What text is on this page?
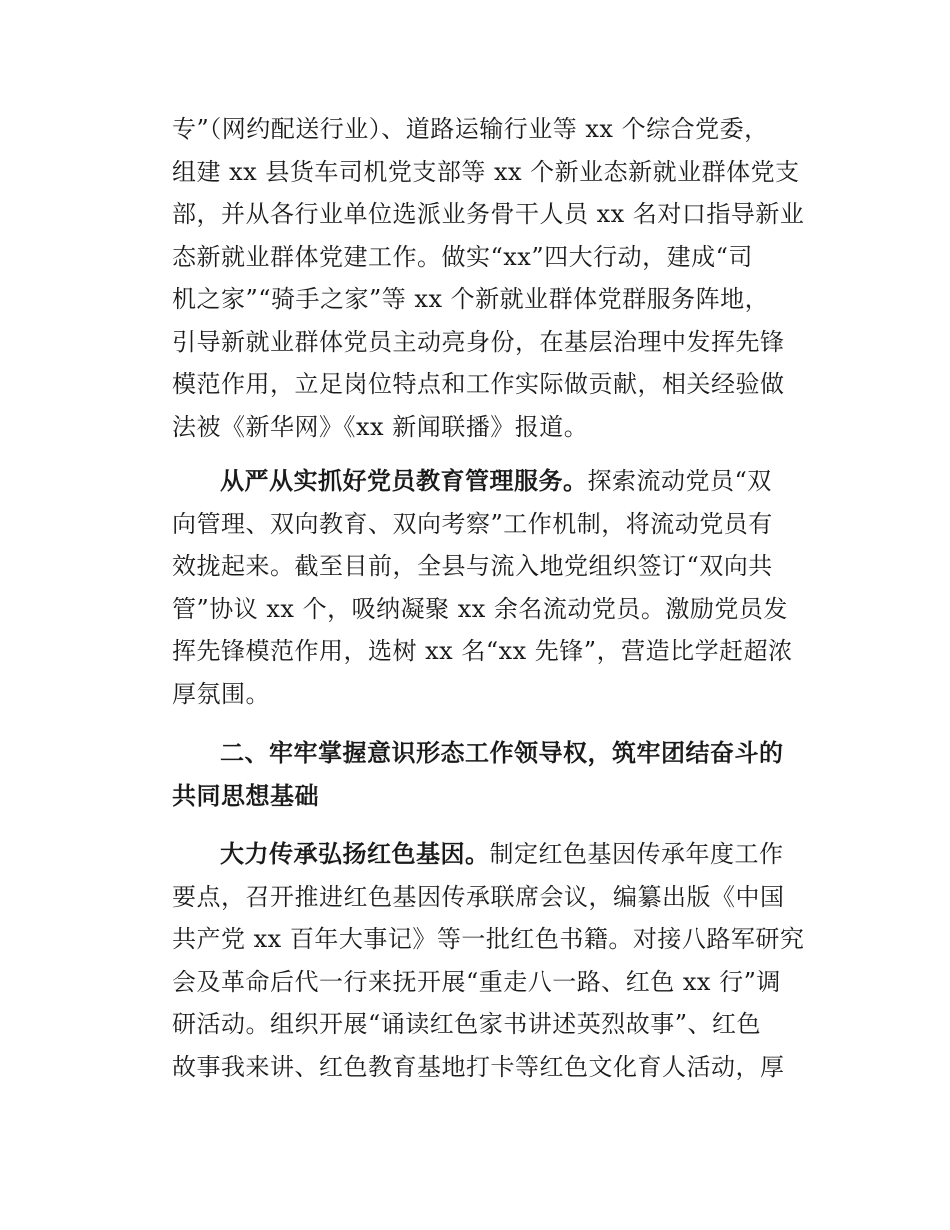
专”（网约配送行业）、道路运输行业等 xx 个综合党委，
组建 xx 县货车司机党支部等 xx 个新业态新就业群体党支
部，并从各行业单位选派业务骨干人员 xx 名对口指导新业
态新就业群体党建工作。做实“xx”四大行动，建成“司
机之家”“骑手之家”等 xx 个新就业群体党群服务阵地，
引导新就业群体党员主动亮身份，在基层治理中发挥先锋
模范作用，立足岗位特点和工作实际做贡献，相关经验做
法被《新华网》《xx 新闻联播》报道。
从严从实抓好党员教育管理服务。探索流动党员“双
向管理、双向教育、双向考察”工作机制，将流动党员有
效拢起来。截至目前，全县与流入地党组织签订“双向共
管”协议 xx 个，吸纳凝聚 xx 余名流动党员。激励党员发
挥先锋模范作用，选树 xx 名“xx 先锋”，营造比学赶超浓
厚氛围。
二、牢牢掌握意识形态工作领导权，筑牢团结奋斗的
共同思想基础
大力传承弘扬红色基因。制定红色基因传承年度工作
要点，召开推进红色基因传承联席会议，编纂出版《中国
共产党 xx 百年大事记》等一批红色书籍。对接八路军研究
会及革命后代一行来抚开展“重走八一路、红色 xx 行”调
研活动。组织开展“诵读红色家书讲述英烈故事”、红色
故事我来讲、红色教育基地打卡等红色文化育人活动，厚
